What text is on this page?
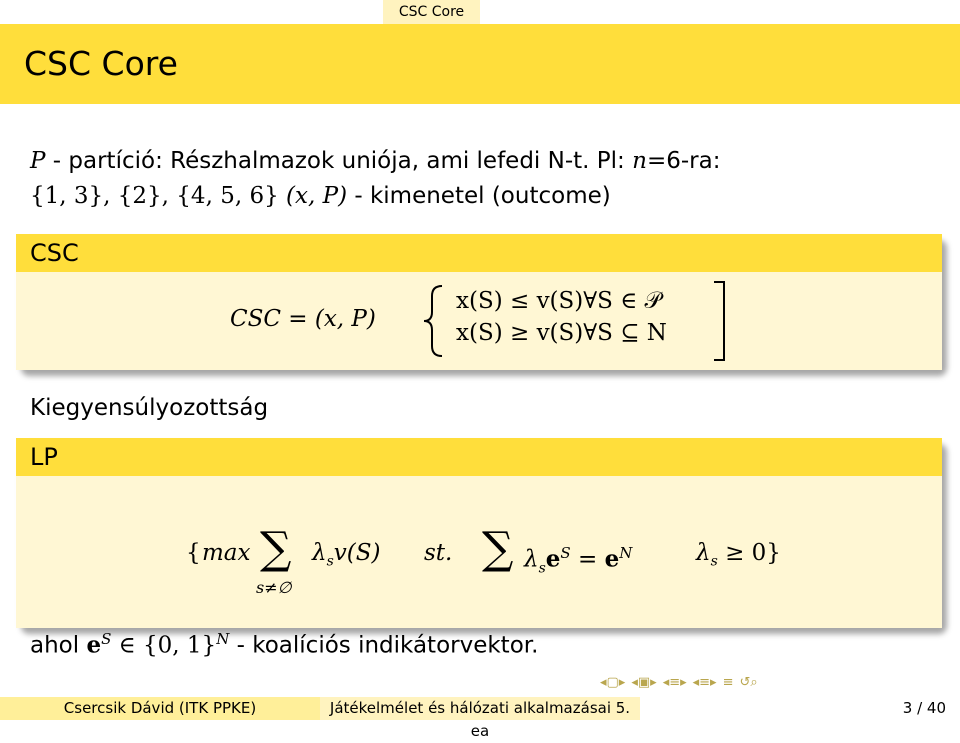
CSC Core
CSC Core
P - partíció: Részhalmazok uniója, ami lefedi N-t. Pl: n=6-ra:
{1, 3}, {2}, {4, 5, 6} (x, P) - kimenetel (outcome)
CSC
CSC = (x, P)
x(S) ≤ v(S)∀S ∈ 𝒫
x(S) ≥ v(S)∀S ⊆ N
Kiegyensúlyozottság
LP
{ max ∑
s≠∅
$\lambda_sv(S)$ st. ∑ $\lambda_se^S = e^N$	$\lambda_s \ge 0$}
ahol $e^S$ ∈ {0, 1}$^N$ - koalíciós indikátorvektor.
◂▢▸ ◂▣▸ ◂≡▸ ◂≡▸ ≡ ↺⌕
Csercsik Dávid (ITK PPKE)	Játékelmélet és hálózati alkalmazásai 5. ea
3 / 40
